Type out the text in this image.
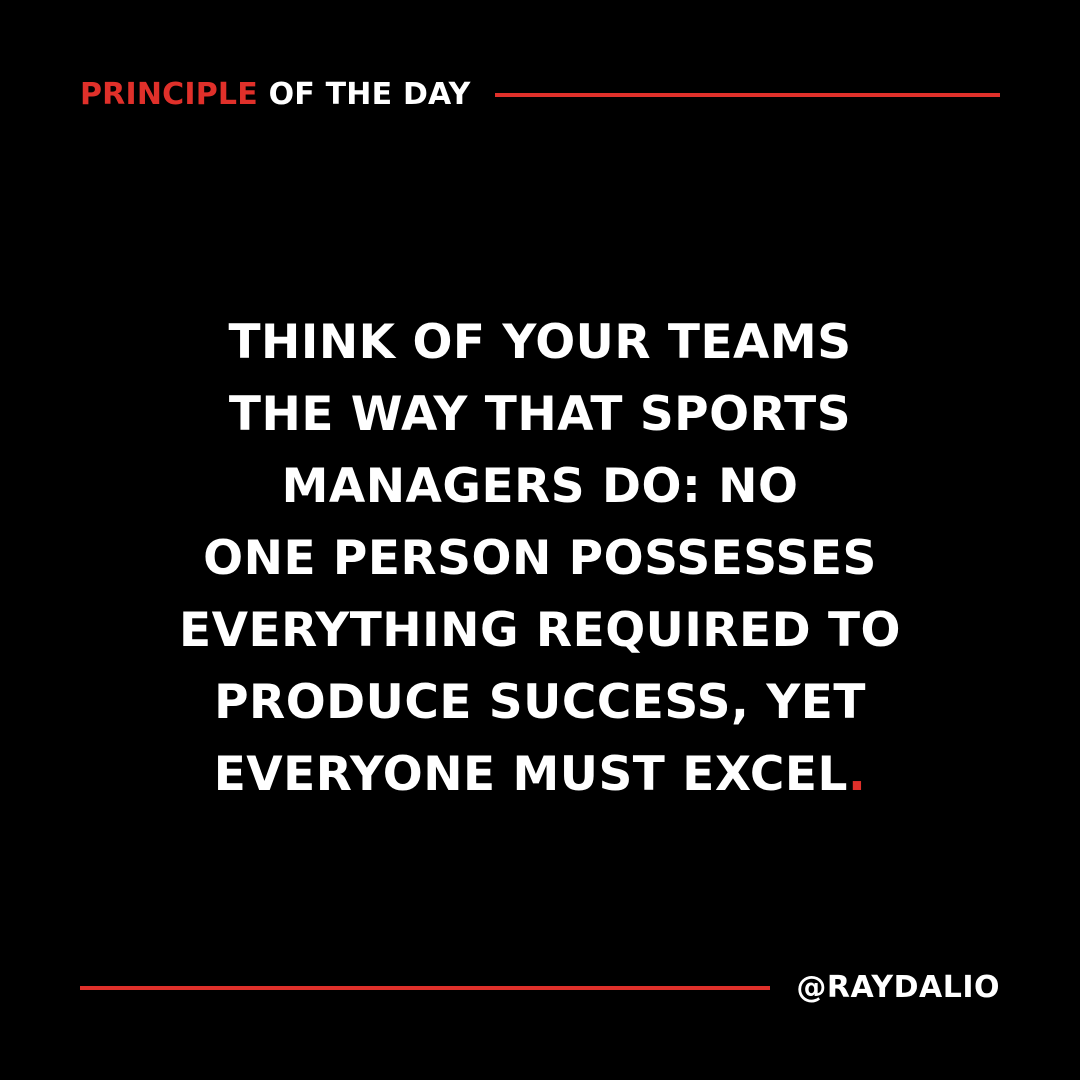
PRINCIPLE OF THE DAY
THINK OF YOUR TEAMS
THE WAY THAT SPORTS
MANAGERS DO: NO
ONE PERSON POSSESSES
EVERYTHING REQUIRED TO
PRODUCE SUCCESS, YET
EVERYONE MUST EXCEL.
@RAYDALIO
